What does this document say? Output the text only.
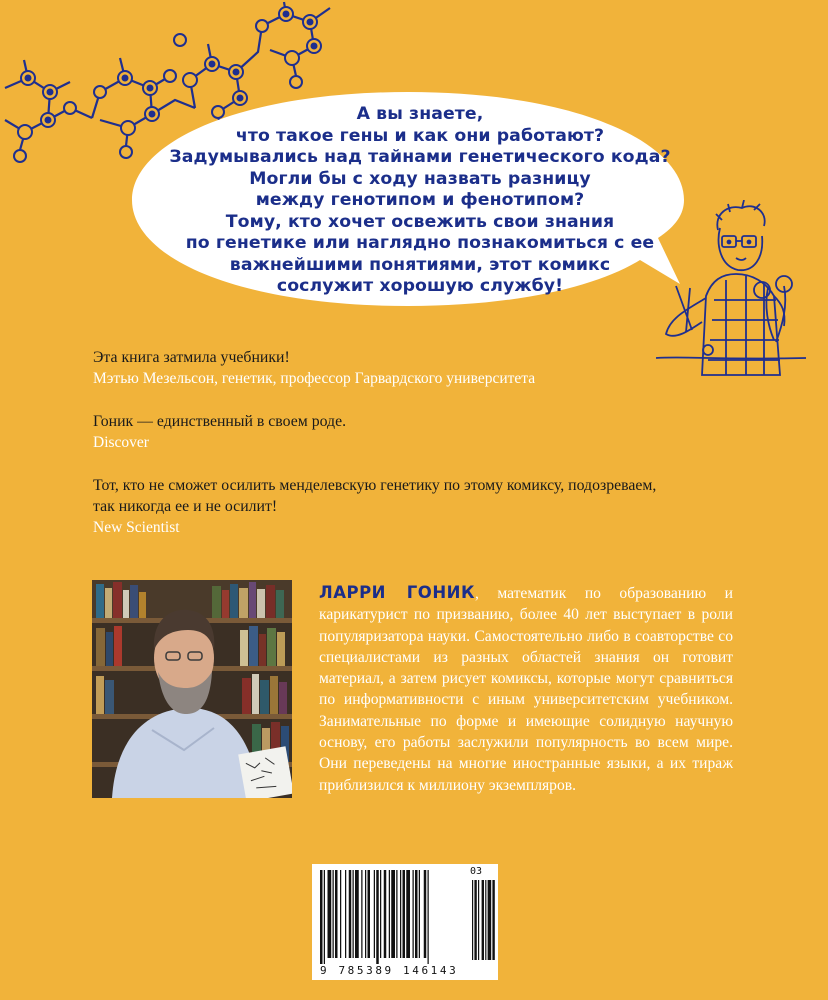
А вы знаете,
что такое гены и как они работают?
Задумывались над тайнами генетического кода?
Могли бы с ходу назвать разницу
между генотипом и фенотипом?
Тому, кто хочет освежить свои знания
по генетике или наглядно познакомиться с ее
важнейшими понятиями, этот комикс
сослужит хорошую службу!
Эта книга затмила учебники!
Мэтью Мезельсон, генетик, профессор Гарвардского университета
Гоник — единственный в своем роде.
Discover
Тот, кто не сможет осилить менделевскую генетику по этому комиксу, подозреваем,
так никогда ее и не осилит!
New Scientist
ЛАРРИ ГОНИК, математик по образованию и карикатурист по призванию, более 40 лет выступает в роли популяризатора науки. Самостоятельно либо в соавторстве со специалистами из разных областей знания он готовит материал, а затем рисует комиксы, которые могут сравниться по информативности с иным университетским учебником. Занимательные по форме и имеющие солидную научную основу, его работы заслужили популярность во всем мире. Они переведены на многие иностранные языки, а их тираж приблизился к миллиону экземпляров.
03
9 785389 146143
